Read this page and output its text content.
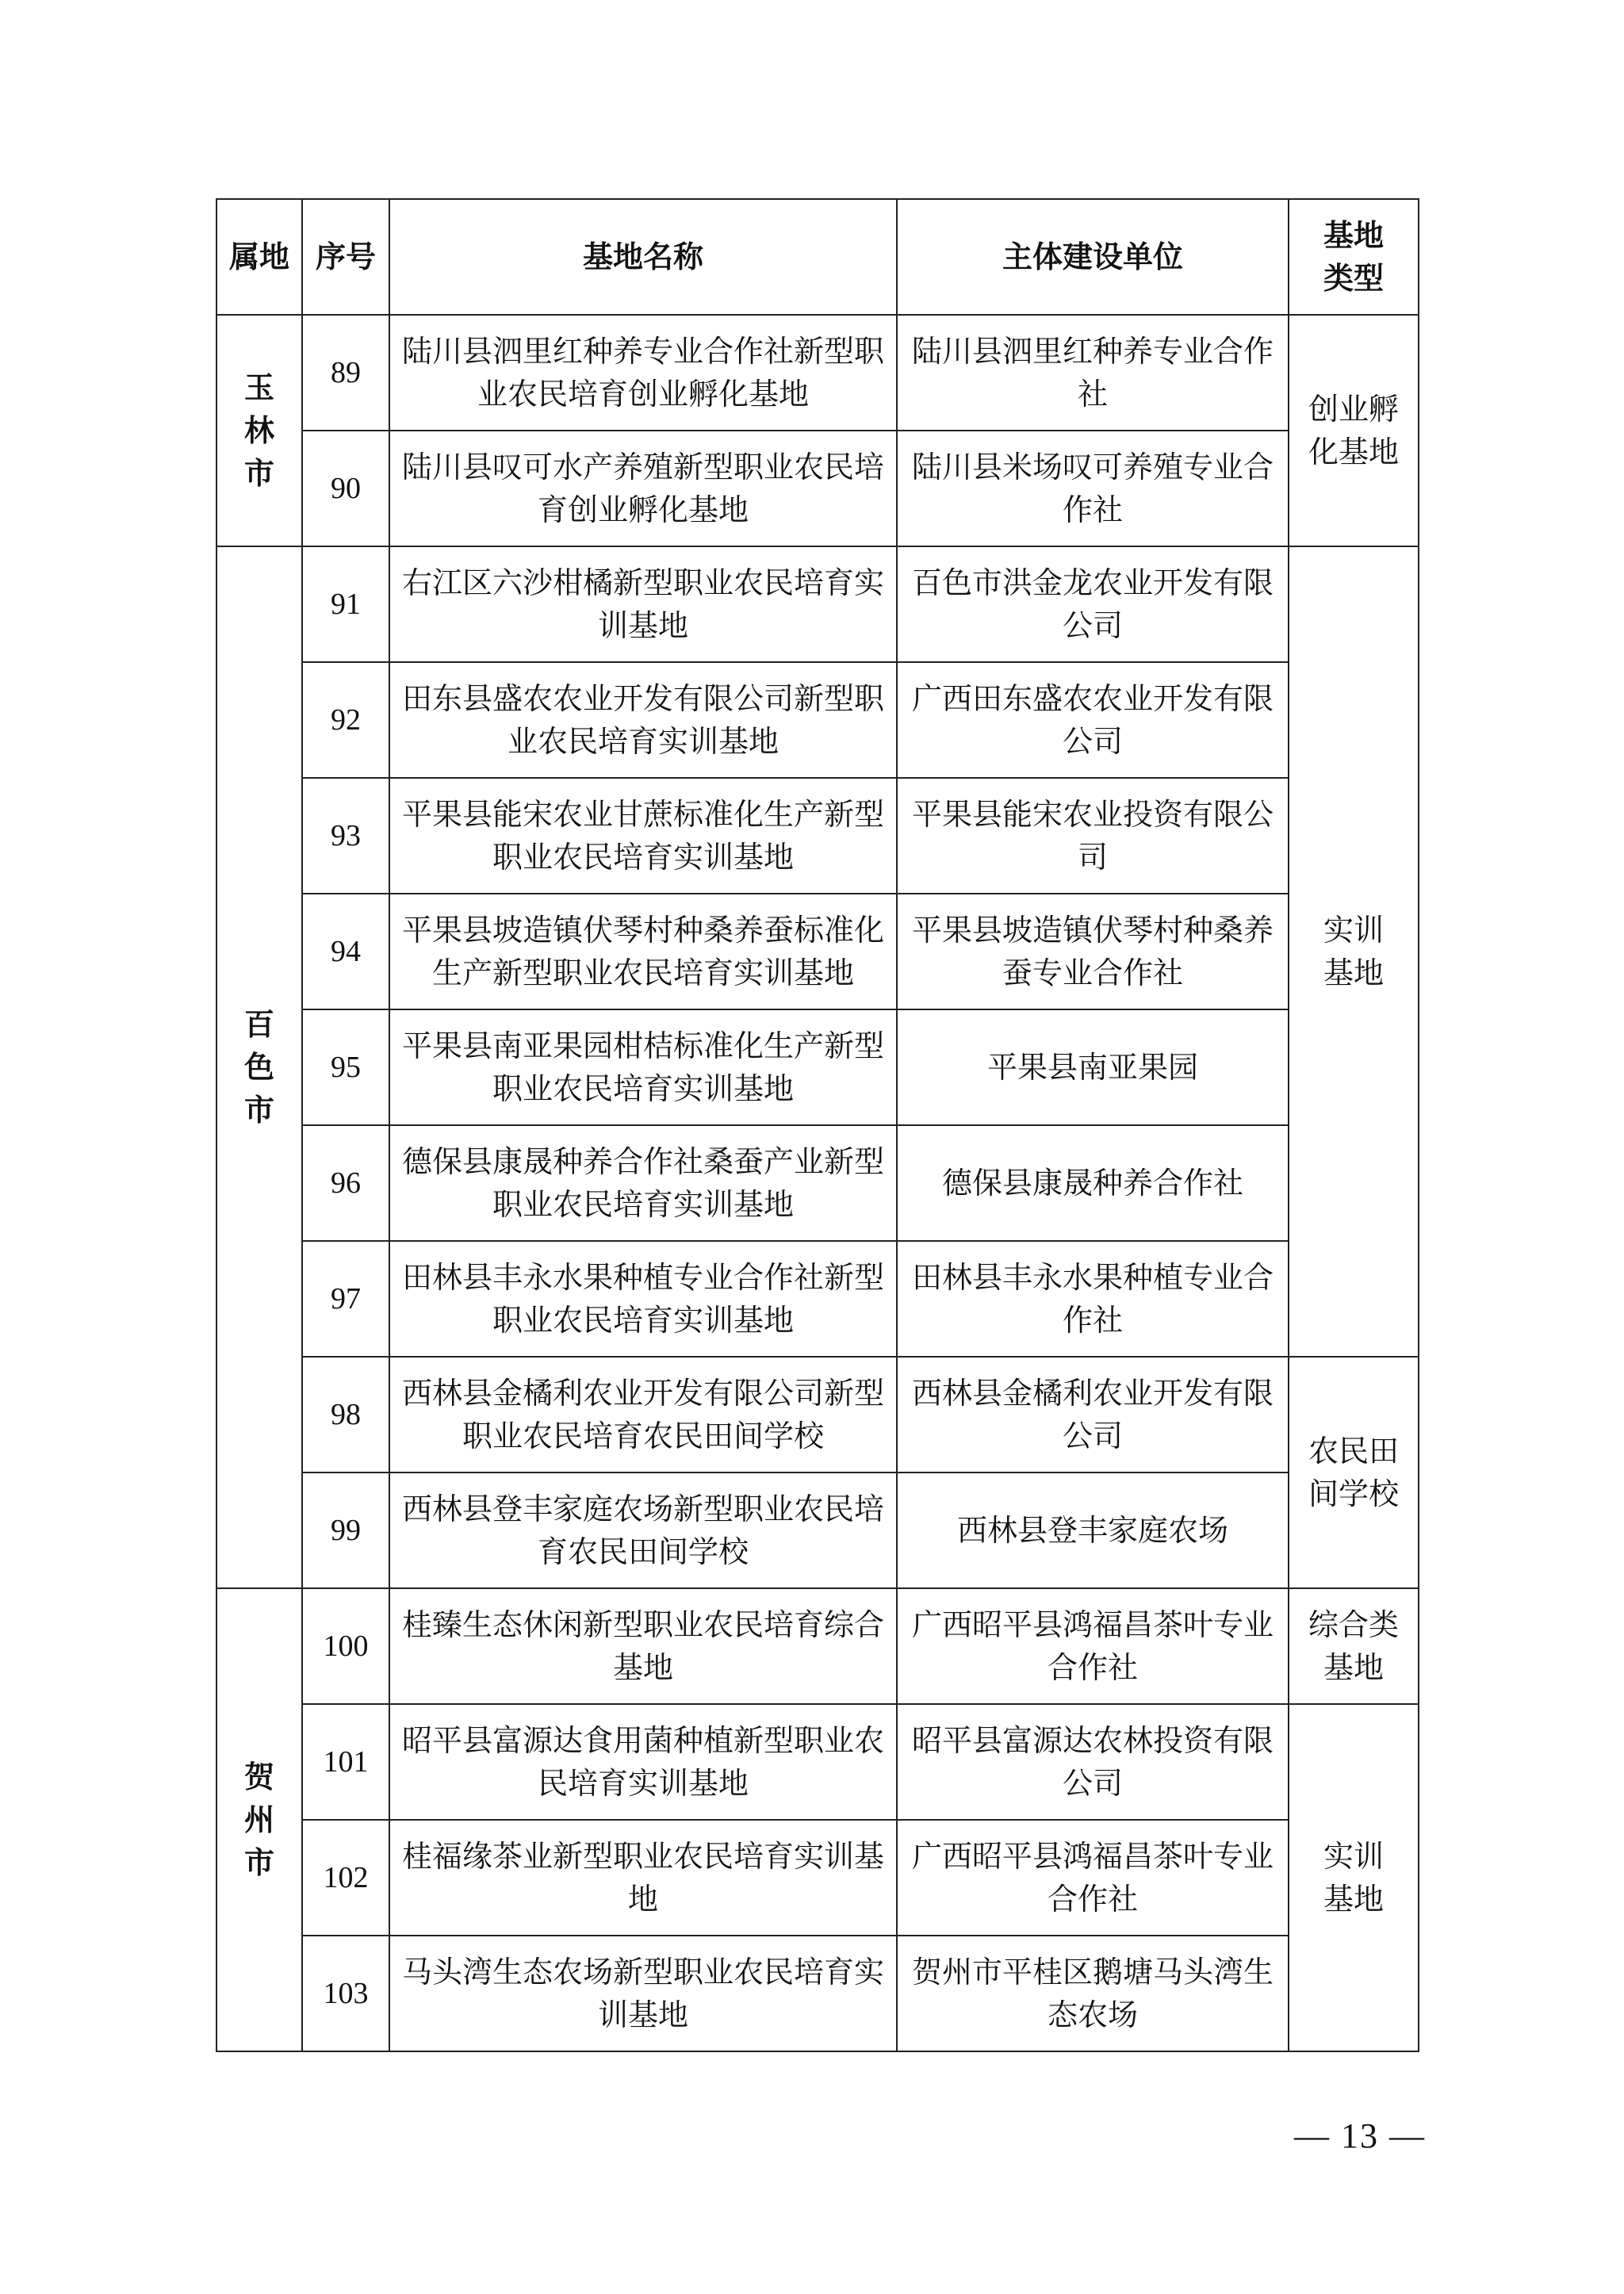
属地	序号	基地名称	主体建设单位	基地
类型

玉
林
市	89	陆川县泗里红种养专业合作社新型职业农民培育创业孵化基地	陆川县泗里红种养专业合作社	创业孵化基地
	90	陆川县叹可水产养殖新型职业农民培育创业孵化基地	陆川县米场叹可养殖专业合作社	

百
色
市	91	右江区六沙柑橘新型职业农民培育实训基地	百色市洪金龙农业开发有限公司	实训基地
	92	田东县盛农农业开发有限公司新型职业农民培育实训基地	广西田东盛农农业开发有限公司	
	93	平果县能宋农业甘蔗标准化生产新型职业农民培育实训基地	平果县能宋农业投资有限公司	
	94	平果县坡造镇伏琴村种桑养蚕标准化生产新型职业农民培育实训基地	平果县坡造镇伏琴村种桑养蚕专业合作社	
	95	平果县南亚果园柑桔标准化生产新型职业农民培育实训基地	平果县南亚果园	
	96	德保县康晟种养合作社桑蚕产业新型职业农民培育实训基地	德保县康晟种养合作社	
	97	田林县丰永水果种植专业合作社新型职业农民培育实训基地	田林县丰永水果种植专业合作社	
	98	西林县金橘利农业开发有限公司新型职业农民培育农民田间学校	西林县金橘利农业开发有限公司	农民田间学校
	99	西林县登丰家庭农场新型职业农民培育农民田间学校	西林县登丰家庭农场	

贺
州
市	100	桂臻生态休闲新型职业农民培育综合基地	广西昭平县鸿福昌茶叶专业合作社	综合类基地
	101	昭平县富源达食用菌种植新型职业农民培育实训基地	昭平县富源达农林投资有限公司	实训基地
	102	桂福缘茶业新型职业农民培育实训基地	广西昭平县鸿福昌茶叶专业合作社	
	103	马头湾生态农场新型职业农民培育实训基地	贺州市平桂区鹅塘马头湾生态农场	
— 13 —
